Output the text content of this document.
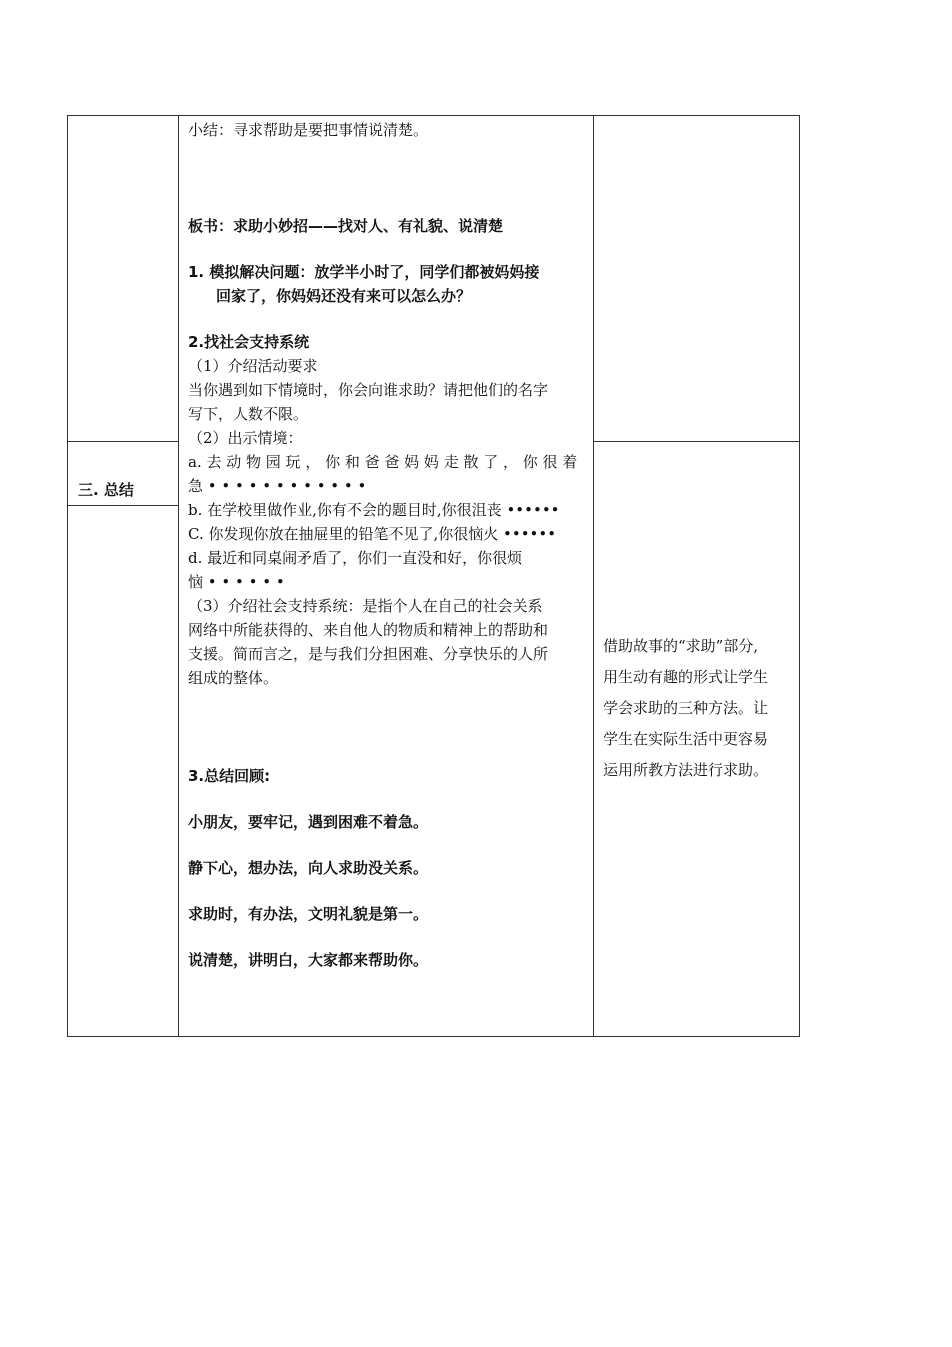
三. 总结

小结：寻求帮助是要把事情说清楚。

板书：求助小妙招——找对人、有礼貌、说清楚

1. 模拟解决问题：放学半小时了，同学们都被妈妈接

回家了，你妈妈还没有来可以怎么办？

2.找社会支持系统

（1）介绍活动要求

当你遇到如下情境时，你会向谁求助？请把他们的名字

写下，人数不限。

（2）出示情境：

a. 去 动 物 园 玩 ， 你 和 爸 爸 妈 妈 走 散 了 ， 你 很 着

急 • • • • • • • • • • • •

b. 在学校里做作业,你有不会的题目时,你很沮丧 ••••••

C. 你发现你放在抽屉里的铅笔不见了,你很恼火 ••••••

d. 最近和同桌闹矛盾了，你们一直没和好，你很烦

恼 • • • • • •

（3）介绍社会支持系统：是指个人在自己的社会关系

网络中所能获得的、来自他人的物质和精神上的帮助和

支援。简而言之，是与我们分担困难、分享快乐的人所

组成的整体。

3.总结回顾:

小朋友，要牢记，遇到困难不着急。

静下心，想办法，向人求助没关系。

求助时，有办法，文明礼貌是第一。

说清楚，讲明白，大家都来帮助你。

借助故事的“求助”部分,
用生动有趣的形式让学生
学会求助的三种方法。让
学生在实际生活中更容易
运用所教方法进行求助。
